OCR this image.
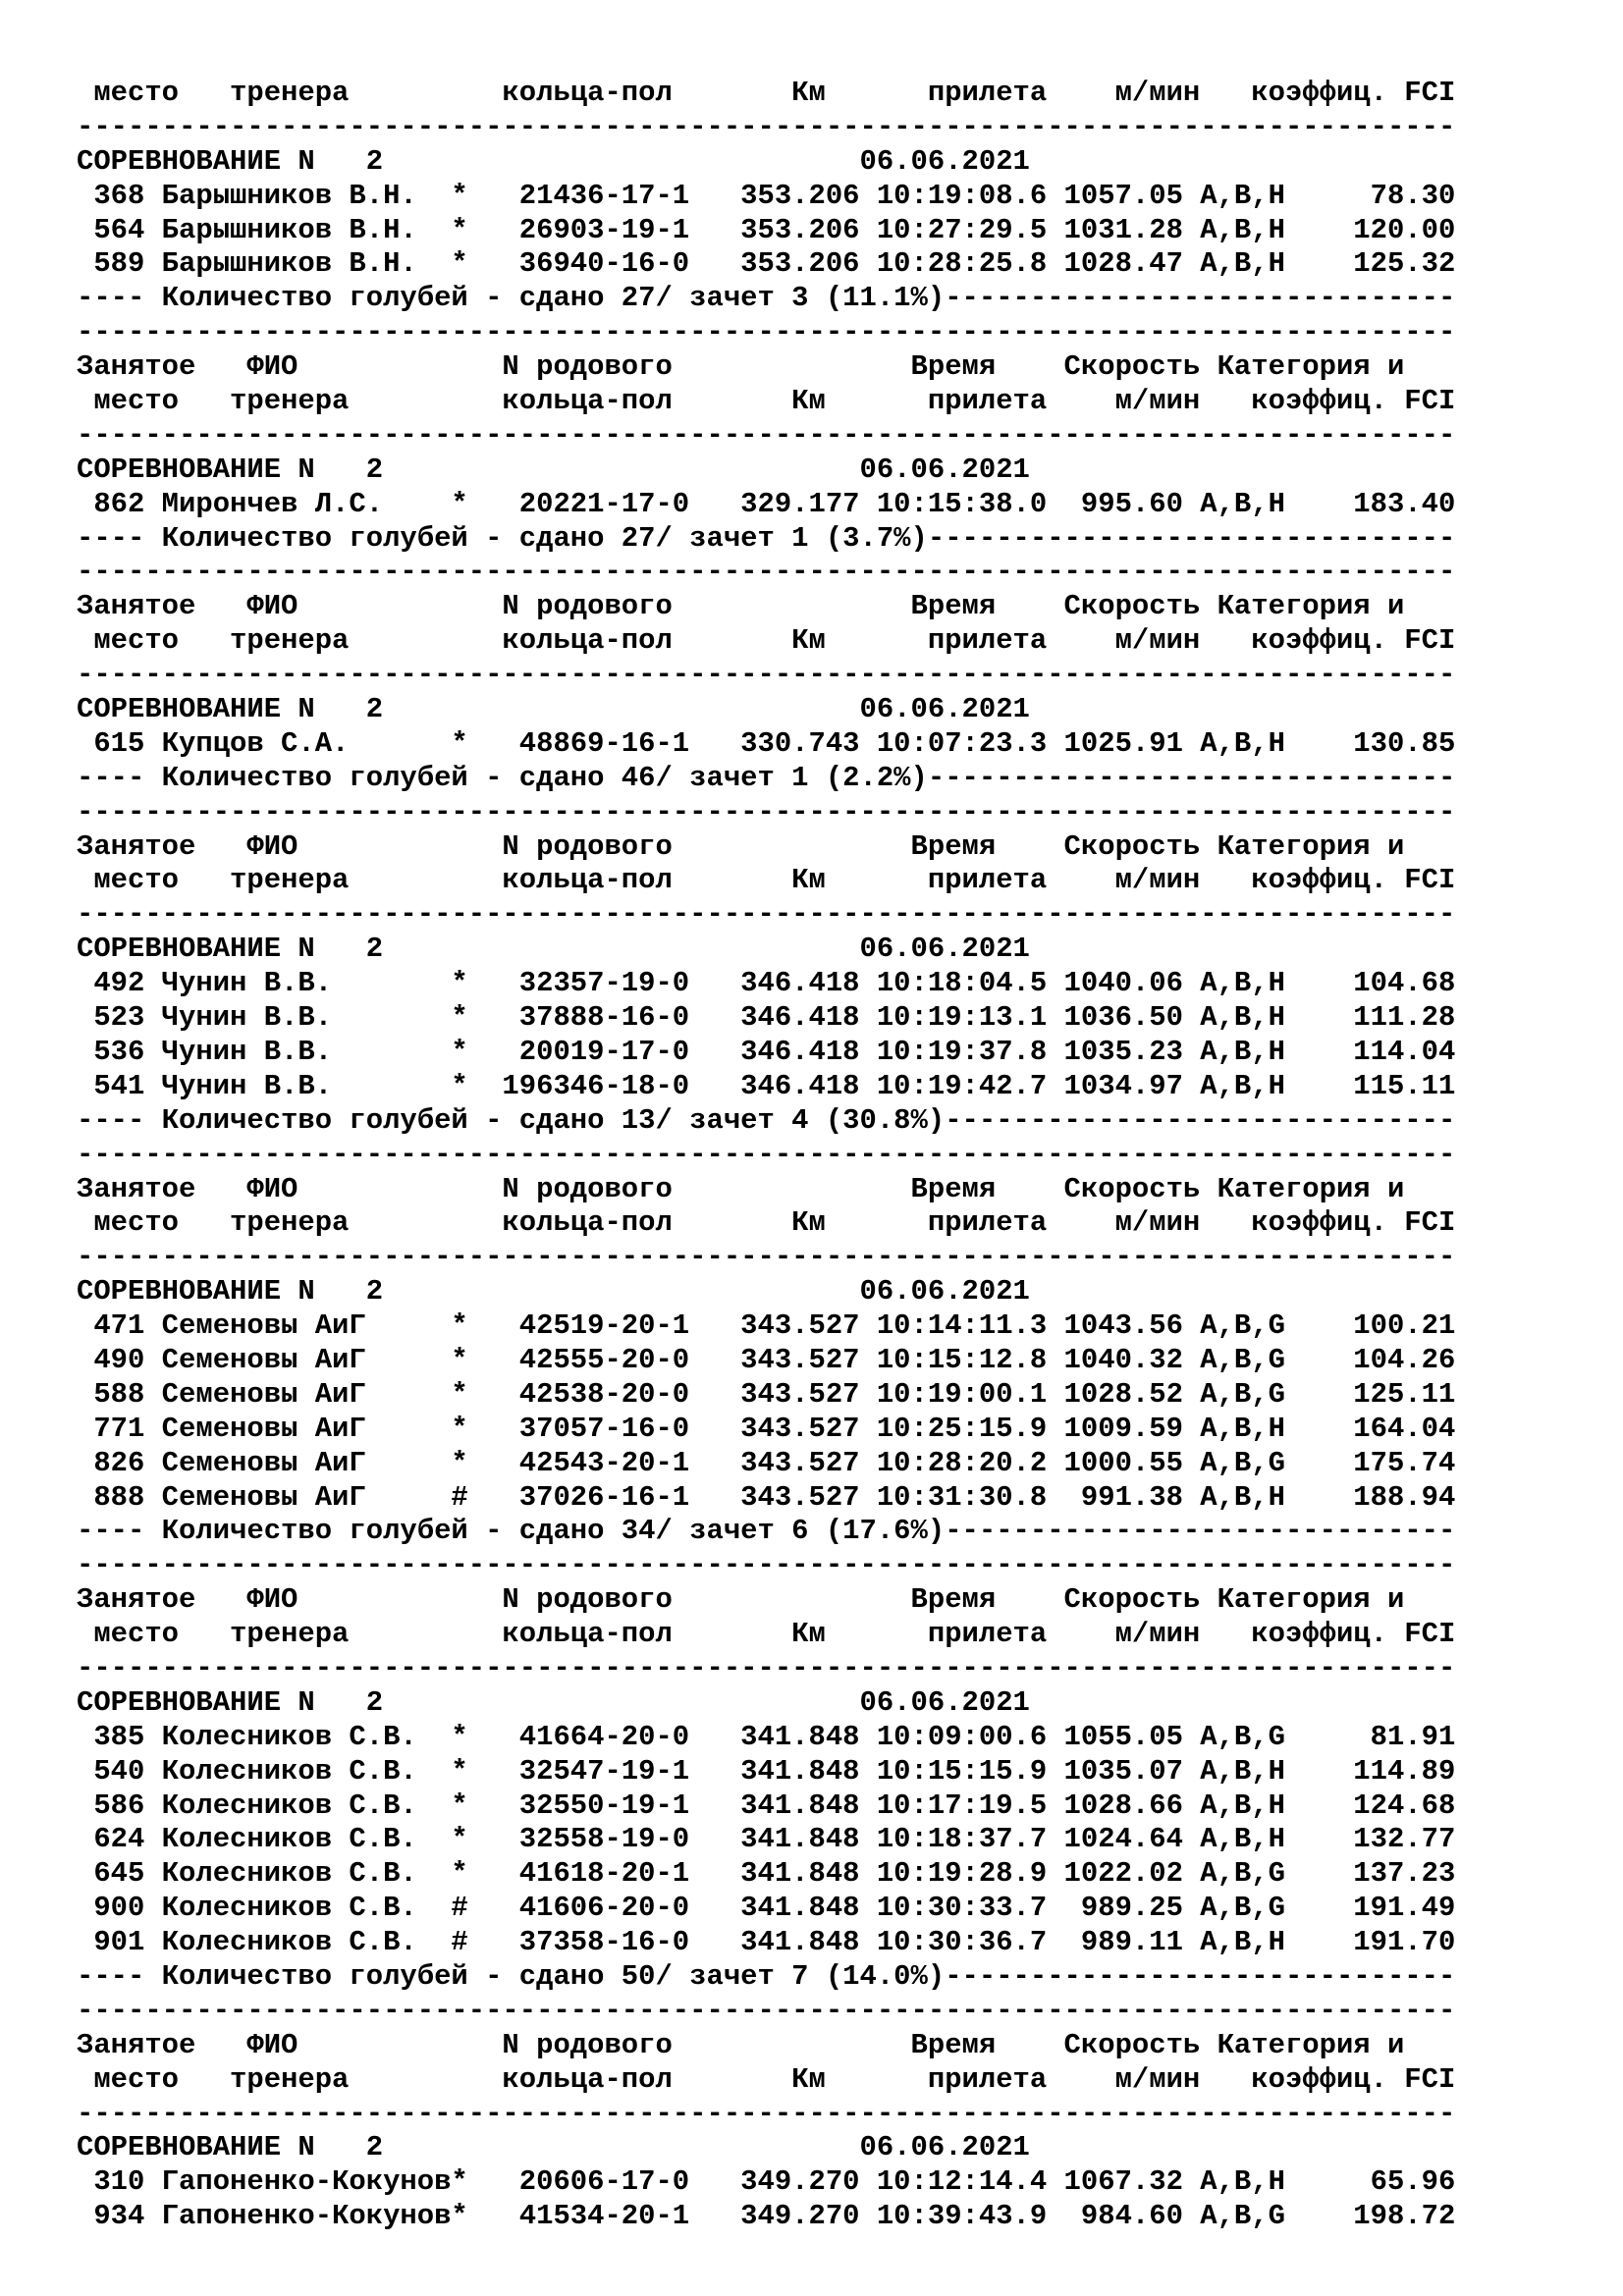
место   тренера         кольца-пол       Км      прилета    м/мин   коэффиц. FCI
---------------------------------------------------------------------------------
СОРЕВНОВАНИЕ N   2                            06.06.2021
368 Барышников В.Н.  *   21436-17-1   353.206 10:19:08.6 1057.05 A,B,H     78.30
564 Барышников В.Н.  *   26903-19-1   353.206 10:27:29.5 1031.28 A,B,H    120.00
589 Барышников В.Н.  *   36940-16-0   353.206 10:28:25.8 1028.47 A,B,H    125.32
---- Количество голубей - сдано 27/ зачет 3 (11.1%)------------------------------
---------------------------------------------------------------------------------
Занятое   ФИО            N родового              Время    Скорость Категория и
место   тренера         кольца-пол       Км      прилета    м/мин   коэффиц. FCI
---------------------------------------------------------------------------------
СОРЕВНОВАНИЕ N   2                            06.06.2021
862 Мирончев Л.С.    *   20221-17-0   329.177 10:15:38.0  995.60 A,B,H    183.40
---- Количество голубей - сдано 27/ зачет 1 (3.7%)-------------------------------
---------------------------------------------------------------------------------
Занятое   ФИО            N родового              Время    Скорость Категория и
место   тренера         кольца-пол       Км      прилета    м/мин   коэффиц. FCI
---------------------------------------------------------------------------------
СОРЕВНОВАНИЕ N   2                            06.06.2021
615 Купцов С.А.      *   48869-16-1   330.743 10:07:23.3 1025.91 A,B,H    130.85
---- Количество голубей - сдано 46/ зачет 1 (2.2%)-------------------------------
---------------------------------------------------------------------------------
Занятое   ФИО            N родового              Время    Скорость Категория и
место   тренера         кольца-пол       Км      прилета    м/мин   коэффиц. FCI
---------------------------------------------------------------------------------
СОРЕВНОВАНИЕ N   2                            06.06.2021
492 Чунин В.В.       *   32357-19-0   346.418 10:18:04.5 1040.06 A,B,H    104.68
523 Чунин В.В.       *   37888-16-0   346.418 10:19:13.1 1036.50 A,B,H    111.28
536 Чунин В.В.       *   20019-17-0   346.418 10:19:37.8 1035.23 A,B,H    114.04
541 Чунин В.В.       *  196346-18-0   346.418 10:19:42.7 1034.97 A,B,H    115.11
---- Количество голубей - сдано 13/ зачет 4 (30.8%)------------------------------
---------------------------------------------------------------------------------
Занятое   ФИО            N родового              Время    Скорость Категория и
место   тренера         кольца-пол       Км      прилета    м/мин   коэффиц. FCI
---------------------------------------------------------------------------------
СОРЕВНОВАНИЕ N   2                            06.06.2021
471 Семеновы АиГ     *   42519-20-1   343.527 10:14:11.3 1043.56 A,B,G    100.21
490 Семеновы АиГ     *   42555-20-0   343.527 10:15:12.8 1040.32 A,B,G    104.26
588 Семеновы АиГ     *   42538-20-0   343.527 10:19:00.1 1028.52 A,B,G    125.11
771 Семеновы АиГ     *   37057-16-0   343.527 10:25:15.9 1009.59 A,B,H    164.04
826 Семеновы АиГ     *   42543-20-1   343.527 10:28:20.2 1000.55 A,B,G    175.74
888 Семеновы АиГ     #   37026-16-1   343.527 10:31:30.8  991.38 A,B,H    188.94
---- Количество голубей - сдано 34/ зачет 6 (17.6%)------------------------------
---------------------------------------------------------------------------------
Занятое   ФИО            N родового              Время    Скорость Категория и
место   тренера         кольца-пол       Км      прилета    м/мин   коэффиц. FCI
---------------------------------------------------------------------------------
СОРЕВНОВАНИЕ N   2                            06.06.2021
385 Колесников С.В.  *   41664-20-0   341.848 10:09:00.6 1055.05 A,B,G     81.91
540 Колесников С.В.  *   32547-19-1   341.848 10:15:15.9 1035.07 A,B,H    114.89
586 Колесников С.В.  *   32550-19-1   341.848 10:17:19.5 1028.66 A,B,H    124.68
624 Колесников С.В.  *   32558-19-0   341.848 10:18:37.7 1024.64 A,B,H    132.77
645 Колесников С.В.  *   41618-20-1   341.848 10:19:28.9 1022.02 A,B,G    137.23
900 Колесников С.В.  #   41606-20-0   341.848 10:30:33.7  989.25 A,B,G    191.49
901 Колесников С.В.  #   37358-16-0   341.848 10:30:36.7  989.11 A,B,H    191.70
---- Количество голубей - сдано 50/ зачет 7 (14.0%)------------------------------
---------------------------------------------------------------------------------
Занятое   ФИО            N родового              Время    Скорость Категория и
место   тренера         кольца-пол       Км      прилета    м/мин   коэффиц. FCI
---------------------------------------------------------------------------------
СОРЕВНОВАНИЕ N   2                            06.06.2021
310 Гапоненко-Кокунов*   20606-17-0   349.270 10:12:14.4 1067.32 A,B,H     65.96
934 Гапоненко-Кокунов*   41534-20-1   349.270 10:39:43.9  984.60 A,B,G    198.72
